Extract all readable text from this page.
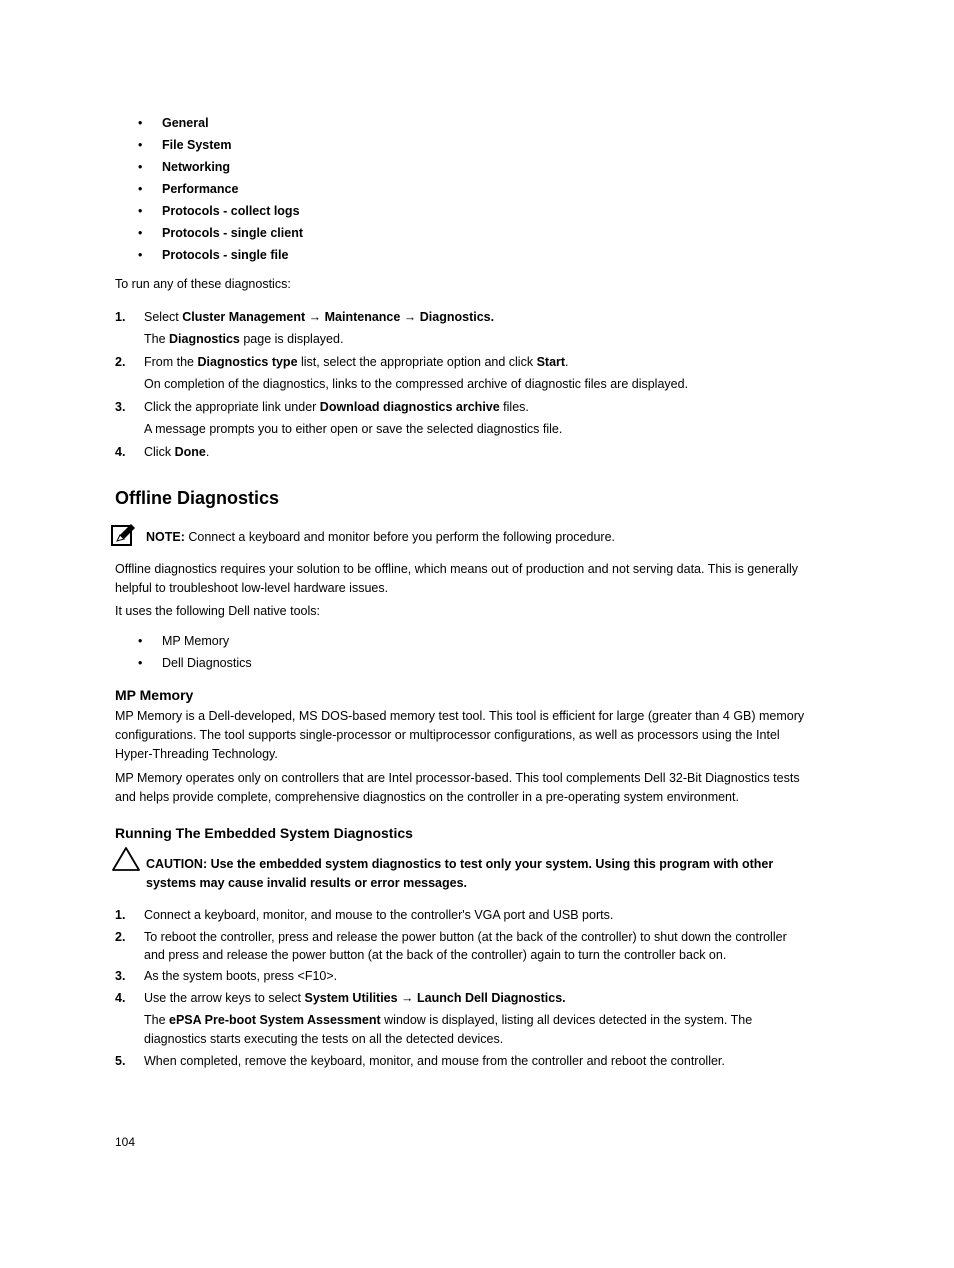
• General
• File System
• Networking
• Performance
• Protocols - collect logs
• Protocols - single client
• Protocols - single file

To run any of these diagnostics:

1. Select Cluster Management → Maintenance → Diagnostics.
The Diagnostics page is displayed.
2. From the Diagnostics type list, select the appropriate option and click Start.
On completion of the diagnostics, links to the compressed archive of diagnostic files are displayed.
3. Click the appropriate link under Download diagnostics archive files.
A message prompts you to either open or save the selected diagnostics file.
4. Click Done.
Offline Diagnostics
NOTE: Connect a keyboard and monitor before you perform the following procedure.

Offline diagnostics requires your solution to be offline, which means out of production and not serving data. This is generally helpful to troubleshoot low-level hardware issues.

It uses the following Dell native tools:

• MP Memory
• Dell Diagnostics
MP Memory

MP Memory is a Dell-developed, MS DOS-based memory test tool. This tool is efficient for large (greater than 4 GB) memory configurations. The tool supports single-processor or multiprocessor configurations, as well as processors using the Intel Hyper-Threading Technology.

MP Memory operates only on controllers that are Intel processor-based. This tool complements Dell 32-Bit Diagnostics tests and helps provide complete, comprehensive diagnostics on the controller in a pre-operating system environment.

Running The Embedded System Diagnostics
CAUTION: Use the embedded system diagnostics to test only your system. Using this program with other systems may cause invalid results or error messages.
1. Connect a keyboard, monitor, and mouse to the controller's VGA port and USB ports.
2. To reboot the controller, press and release the power button (at the back of the controller) to shut down the controller and press and release the power button (at the back of the controller) again to turn the controller back on.
3. As the system boots, press <F10>.
4. Use the arrow keys to select System Utilities → Launch Dell Diagnostics.
The ePSA Pre-boot System Assessment window is displayed, listing all devices detected in the system. The diagnostics starts executing the tests on all the detected devices.
5. When completed, remove the keyboard, monitor, and mouse from the controller and reboot the controller.
104
